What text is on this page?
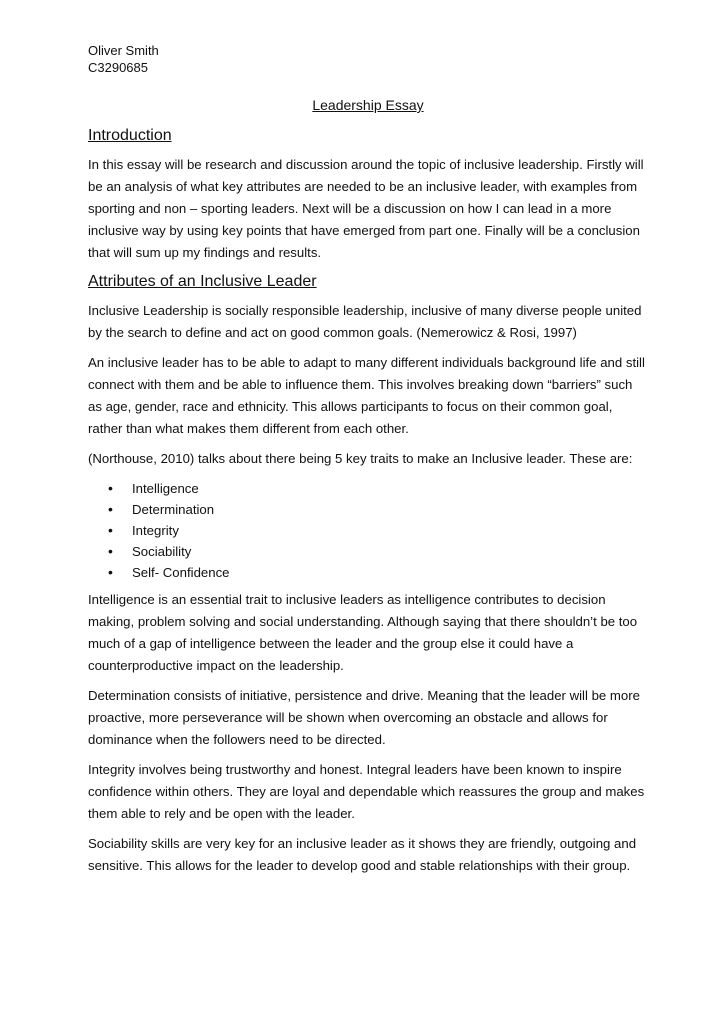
Oliver Smith
C3290685
Leadership Essay
Introduction

In this essay will be research and discussion around the topic of inclusive leadership. Firstly will be an analysis of what key attributes are needed to be an inclusive leader, with examples from sporting and non – sporting leaders. Next will be a discussion on how I can lead in a more inclusive way by using key points that have emerged from part one. Finally will be a conclusion that will sum up my findings and results.

Attributes of an Inclusive Leader

Inclusive Leadership is socially responsible leadership, inclusive of many diverse people united by the search to define and act on good common goals. (Nemerowicz & Rosi, 1997)

An inclusive leader has to be able to adapt to many different individuals background life and still connect with them and be able to influence them. This involves breaking down “barriers” such as age, gender, race and ethnicity. This allows participants to focus on their common goal, rather than what makes them different from each other.

(Northouse, 2010) talks about there being 5 key traits to make an Inclusive leader. These are:

• Intelligence
• Determination
• Integrity
• Sociability
• Self- Confidence

Intelligence is an essential trait to inclusive leaders as intelligence contributes to decision making, problem solving and social understanding. Although saying that there shouldn’t be too much of a gap of intelligence between the leader and the group else it could have a counterproductive impact on the leadership.

Determination consists of initiative, persistence and drive. Meaning that the leader will be more proactive, more perseverance will be shown when overcoming an obstacle and allows for dominance when the followers need to be directed.

Integrity involves being trustworthy and honest. Integral leaders have been known to inspire confidence within others. They are loyal and dependable which reassures the group and makes them able to rely and be open with the leader.

Sociability skills are very key for an inclusive leader as it shows they are friendly, outgoing and sensitive. This allows for the leader to develop good and stable relationships with their group.
